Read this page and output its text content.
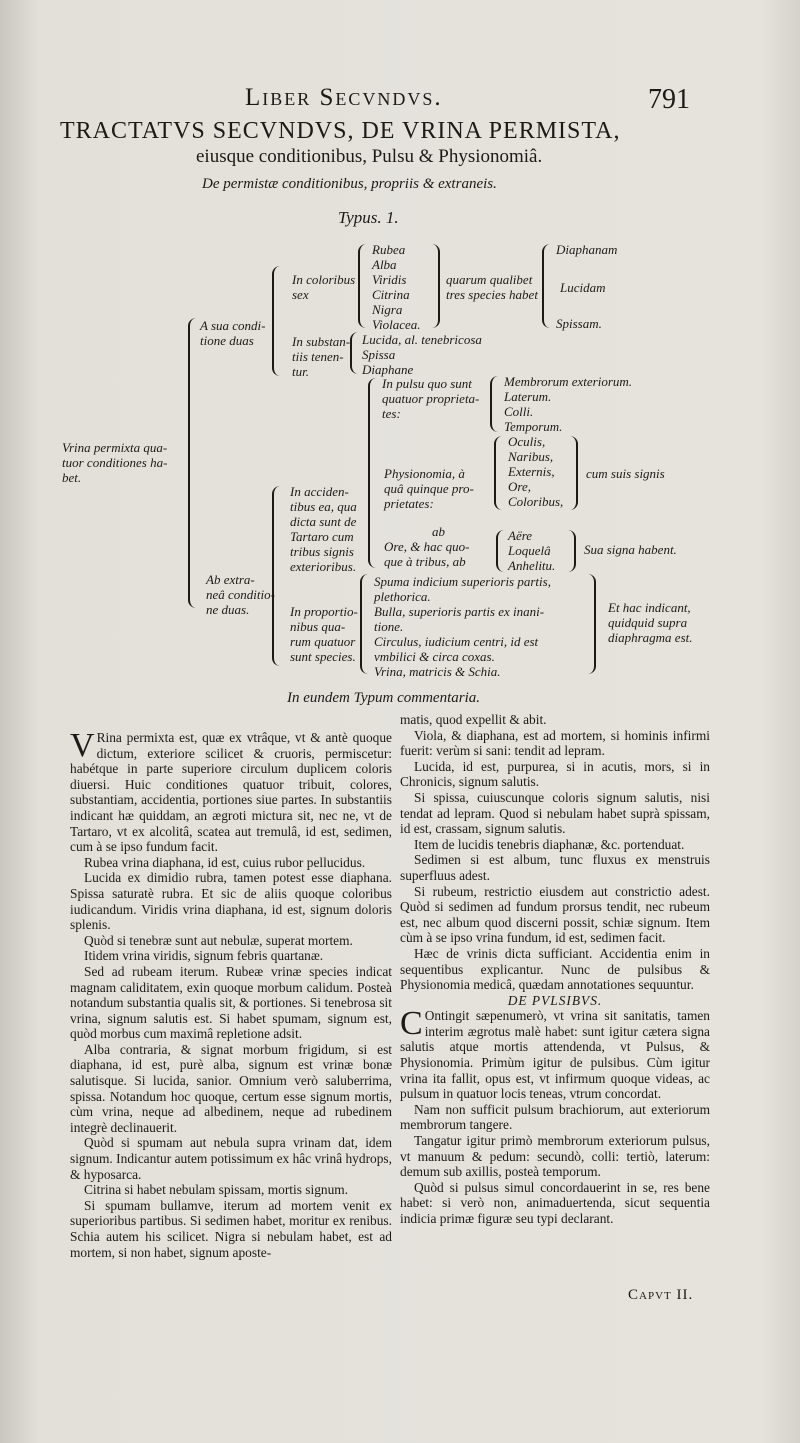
Liber Secvndvs.	791
TRACTATVS SECVNDVS, DE VRINA PERMISTA,
eiusque conditionibus, Pulsu & Physionomiâ.
De permistæ conditionibus, propriis & extraneis.
Typus. 1.
Vrina permixta qua-
tuor conditiones ha-
bet.
A sua condi-
tione duas
In coloribus
sex
Rubea
Alba
Viridis
Citrina
Nigra
Violacea.
quarum qualibet
tres species habet
Diaphanam
Lucidam
Spissam.
In substan-
tiis tenen-
tur.
Lucida, al. tenebricosa
Spissa
Diaphane
Ab extra-
neâ conditio-
ne duas.
In acciden-
tibus ea, qua
dicta sunt de
Tartaro cum
tribus signis
exterioribus.
In pulsu quo sunt
quatuor proprieta-
tes:
Membrorum exteriorum.
Laterum.
Colli.
Temporum.
Physionomia, à
quâ quinque pro-
prietates:
Oculis,
Naribus,
Externis,
Ore,
Coloribus,
cum suis signis
ab
Ore, & hac quo-
que à tribus, ab
Aëre
Loquelâ
Anhelitu.
Sua signa habent.
In proportio-
nibus qua-
rum quatuor
sunt species.
Spuma indicium superioris partis,
plethorica.
Bulla, superioris partis ex inani-
tione.
Circulus, iudicium centri, id est
vmbilici & circa coxas.
Vrina, matricis & Schia.
Et hac indicant,
quidquid supra
diaphragma est.
In eundem Typum commentaria.

V Rina permixta est, quæ ex vtrâque, vt & antè quoque dictum, exteriore scilicet & cruoris, permiscetur: habétque in parte superiore circulum duplicem coloris diuersi. Huic conditiones quatuor tribuit, colores, substantiam, accidentia, portiones siue partes. In substantiis indicant hæ quiddam, an ægroti mictura sit, nec ne, vt de Tartaro, vt ex alcolitâ, scatea aut tremulâ, id est, sedimen, cum à se ipso fundum facit.

Rubea vrina diaphana, id est, cuius rubor pellucidus.

Lucida ex dimidio rubra, tamen potest esse diaphana. Spissa saturatè rubra. Et sic de aliis quoque coloribus iudicandum. Viridis vrina diaphana, id est, signum doloris splenis.

Quòd si tenebræ sunt aut nebulæ, superat mortem.

Itidem vrina viridis, signum febris quartanæ.

Sed ad rubeam iterum. Rubeæ vrinæ species indicat magnam caliditatem, exin quoque morbum calidum. Posteà notandum substantia qualis sit, & portiones. Si tenebrosa sit vrina, signum salutis est. Si habet spumam, signum est, quòd morbus cum maximâ repletione adsit.

Alba contraria, & signat morbum frigidum, si est diaphana, id est, purè alba, signum est vrinæ bonæ salutisque. Si lucida, sanior. Omnium verò saluberrima, spissa. Notandum hoc quoque, certum esse signum mortis, cùm vrina, neque ad albedinem, neque ad rubedinem integrè declinauerit.

Quòd si spumam aut nebula supra vrinam dat, idem signum. Indicantur autem potissimum ex hâc vrinâ hydrops, & hyposarca.

Citrina si habet nebulam spissam, mortis signum.

Si spumam bullamve, iterum ad mortem venit ex superioribus partibus. Si sedimen habet, moritur ex renibus. Schia autem his scilicet. Nigra si nebulam habet, est ad mortem, si non habet, signum aposte-

matis, quod expellit & abit.

Viola, & diaphana, est ad mortem, si hominis infirmi fuerit: verùm si sani: tendit ad lepram.

Lucida, id est, purpurea, si in acutis, mors, si in Chronicis, signum salutis.

Si spissa, cuiuscunque coloris signum salutis, nisi tendat ad lepram. Quod si nebulam habet suprà spissam, id est, crassam, signum salutis.

Item de lucidis tenebris diaphanæ, &c. portenduat.

Sedimen si est album, tunc fluxus ex menstruis superfluus adest.

Si rubeum, restrictio eiusdem aut constrictio adest. Quòd si sedimen ad fundum prorsus tendit, nec rubeum est, nec album quod discerni possit, schiæ signum. Item cùm à se ipso vrina fundum, id est, sedimen facit.

Hæc de vrinis dicta sufficiant. Accidentia enim in sequentibus explicantur. Nunc de pulsibus & Physionomia medicâ, quædam annotationes sequuntur.

DE PVLSIBVS.

C Ontingit sæpenumerò, vt vrina sit sanitatis, tamen interim ægrotus malè habet: sunt igitur cætera signa salutis atque mortis attendenda, vt Pulsus, & Physionomia. Primùm igitur de pulsibus. Cùm igitur vrina ita fallit, opus est, vt infirmum quoque videas, ac pulsum in quatuor locis teneas, vtrum concordat.

Nam non sufficit pulsum brachiorum, aut exteriorum membrorum tangere.

Tangatur igitur primò membrorum exteriorum pulsus, vt manuum & pedum: secundò, colli: tertiò, laterum: demum sub axillis, posteà temporum.

Quòd si pulsus simul concordauerint in se, res bene habet: si verò non, animaduertenda, sicut sequentia indicia primæ figuræ seu typi declarant.

Capvt II.
